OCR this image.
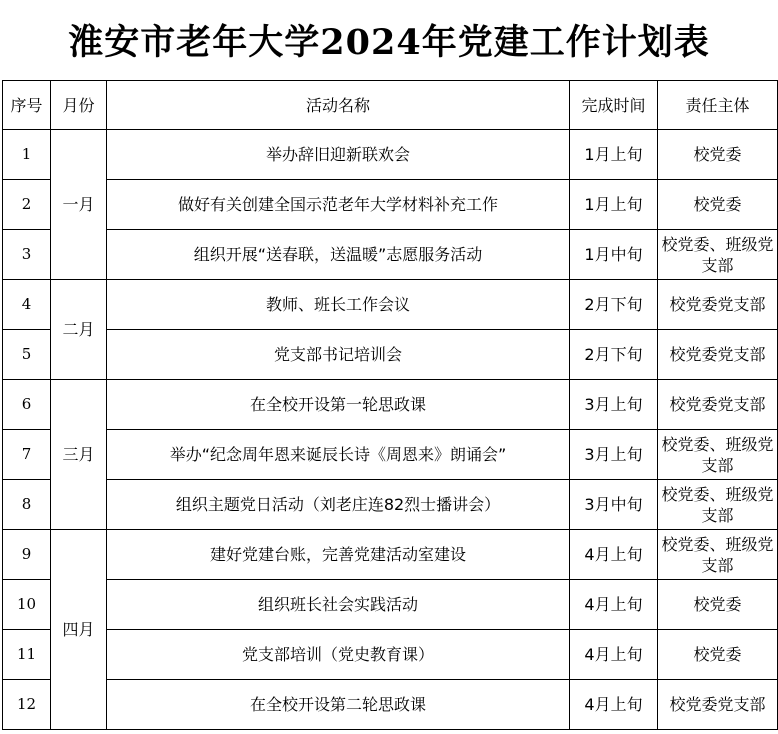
淮安市老年大学2024年党建工作计划表
序号	月份	活动名称	完成时间	责任主体
1	一月	举办辞旧迎新联欢会	1月上旬	校党委
2		做好有关创建全国示范老年大学材料补充工作	1月上旬	校党委
3		组织开展“送春联，送温暖”志愿服务活动	1月中旬	校党委、班级党支部
4	二月	教师、班长工作会议	2月下旬	校党委党支部
5		党支部书记培训会	2月下旬	校党委党支部
6	三月	在全校开设第一轮思政课	3月上旬	校党委党支部
7		举办“纪念周年恩来诞辰长诗《周恩来》朗诵会”	3月上旬	校党委、班级党支部
8		组织主题党日活动（刘老庄连82烈士播讲会）	3月中旬	校党委、班级党支部
9	四月	建好党建台账，完善党建活动室建设	4月上旬	校党委、班级党支部
10		组织班长社会实践活动	4月上旬	校党委
11		党支部培训（党史教育课）	4月上旬	校党委
12		在全校开设第二轮思政课	4月上旬	校党委党支部
